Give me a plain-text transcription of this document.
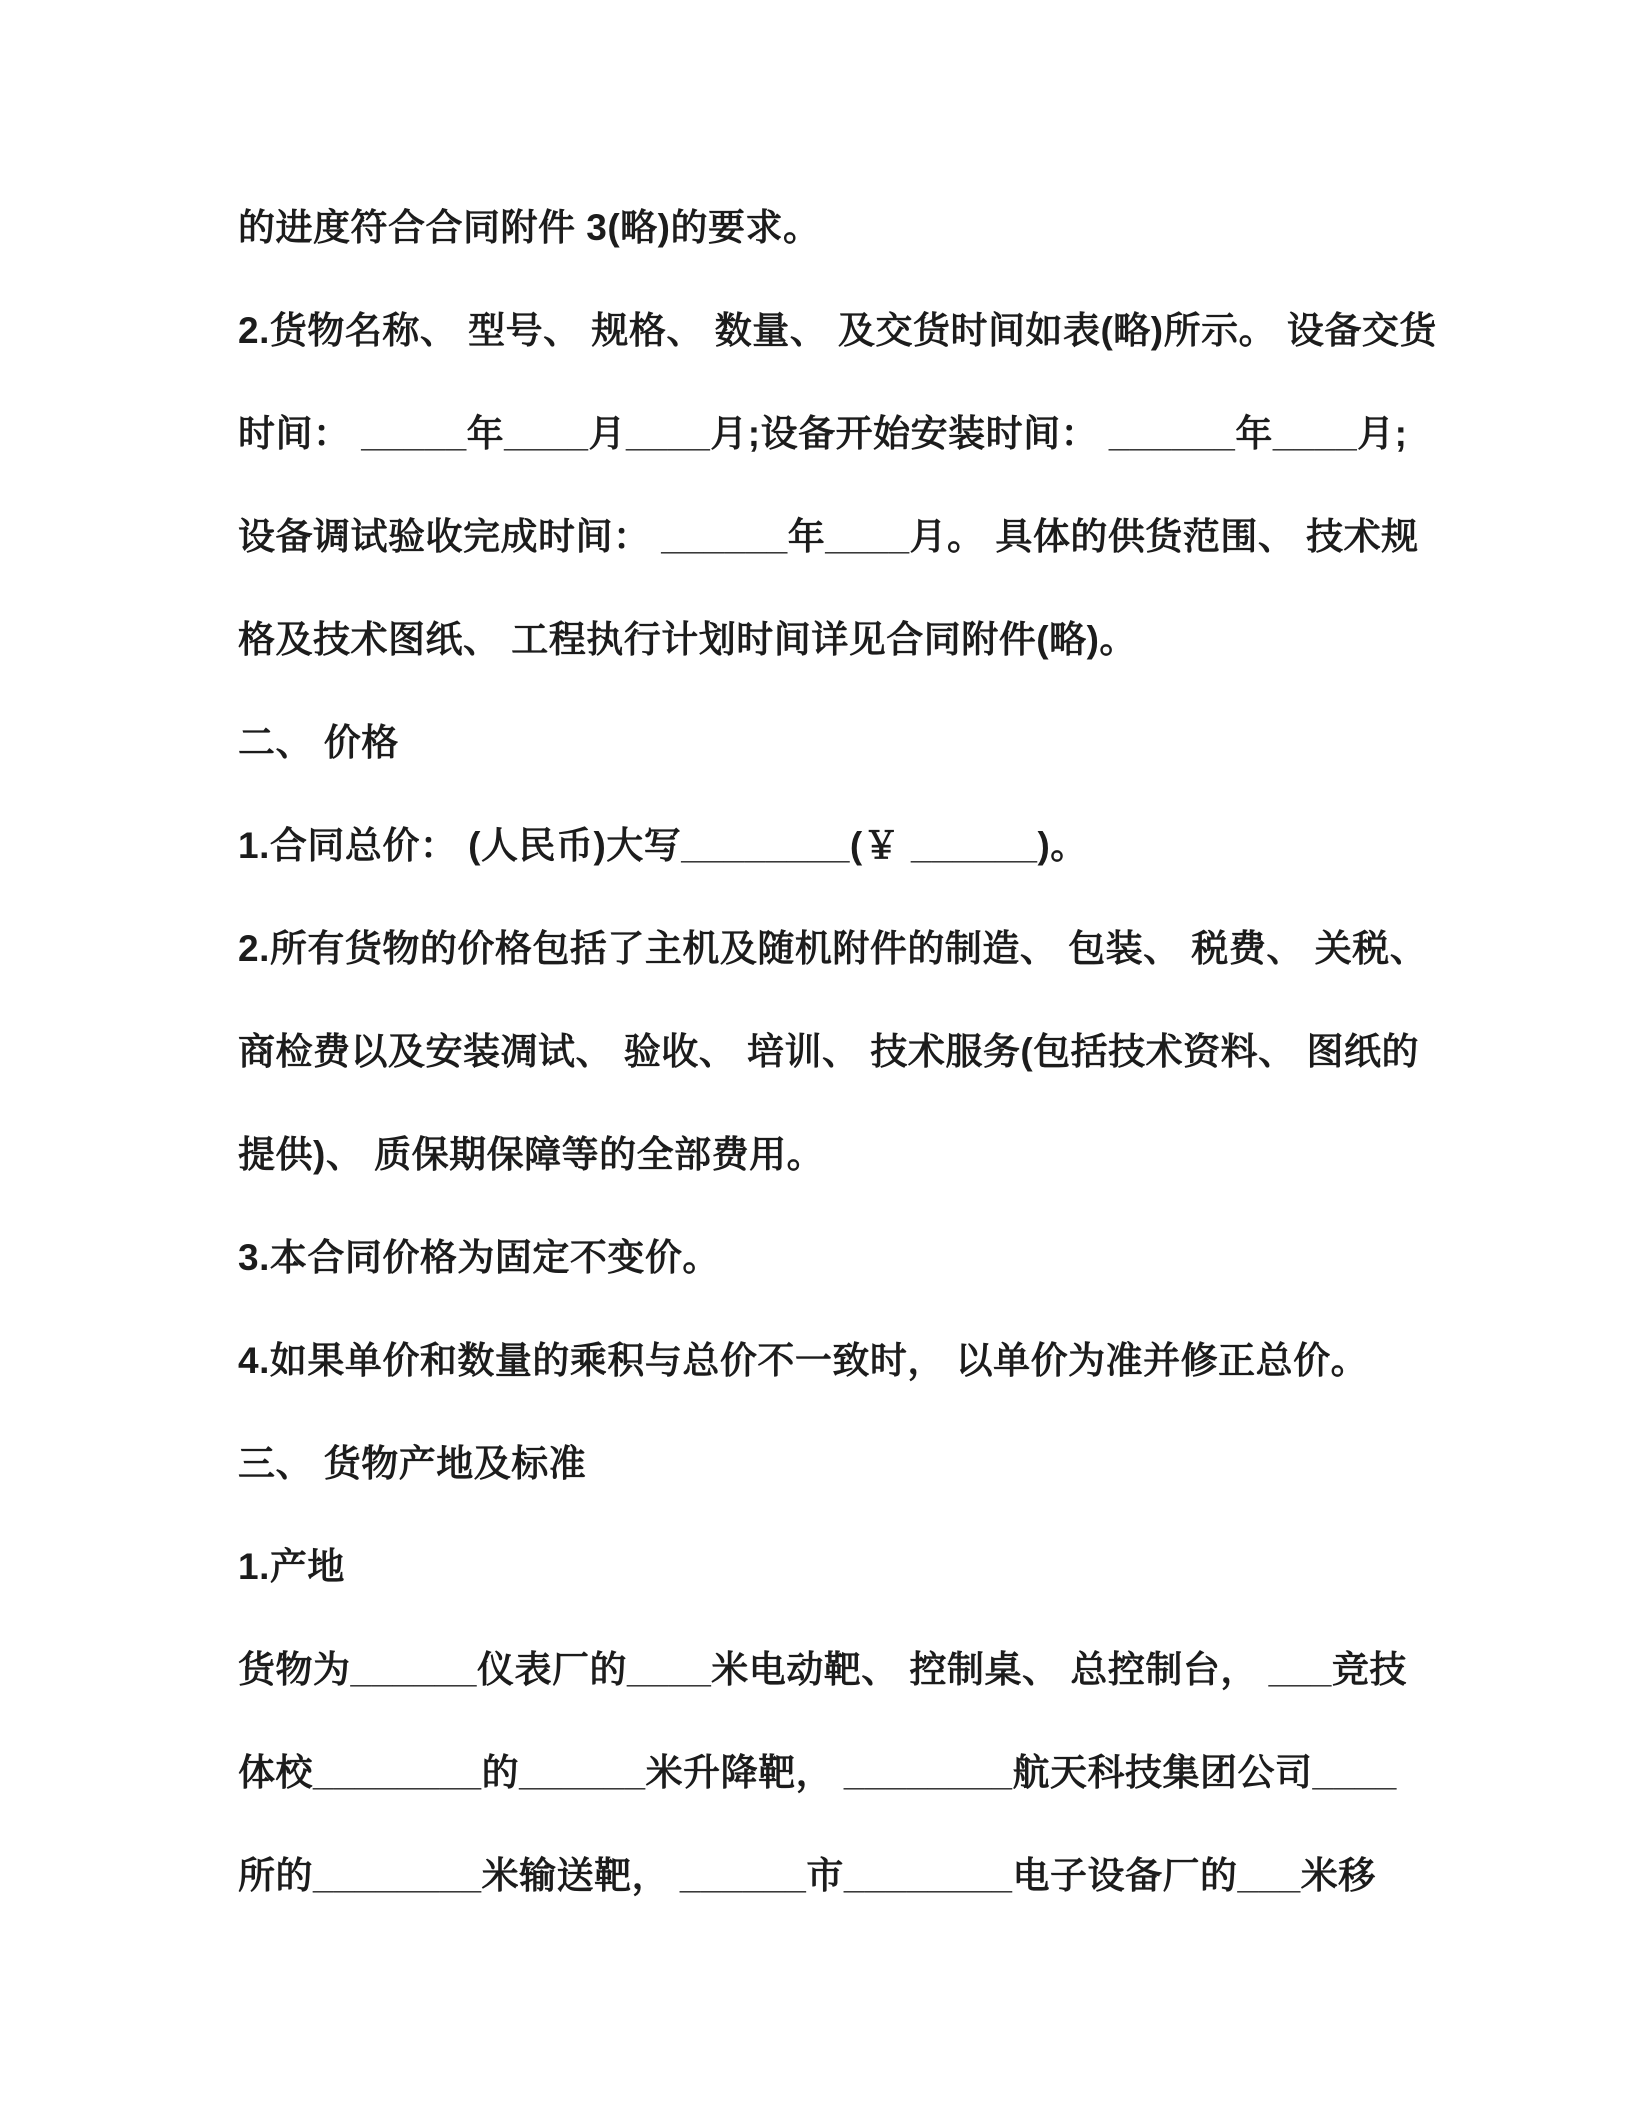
的进度符合合同附件 3(略)的要求。
2.货物名称、 型号、 规格、 数量、 及交货时间如表(略)所示。 设备交货
时间： _____年____月____月;设备开始安装时间： ______年____月;
设备调试验收完成时间： ______年____月。 具体的供货范围、 技术规
格及技术图纸、 工程执行计划时间详见合同附件(略)。
二、 价格
1.合同总价： (人民币)大写________(￥ ______)。
2.所有货物的价格包括了主机及随机附件的制造、 包装、 税费、 关税、
商检费以及安装凋试、 验收、 培训、 技术服务(包括技术资料、 图纸的
提供)、 质保期保障等的全部费用。
3.本合同价格为固定不变价。
4.如果单价和数量的乘积与总价不一致时， 以单价为准并修正总价。
三、 货物产地及标准
1.产地
货物为______仪表厂的____米电动靶、 控制桌、 总控制台， ___竞技
体校________的______米升降靶， ________航天科技集团公司____
所的________米输送靶， ______市________电子设备厂的___米移
